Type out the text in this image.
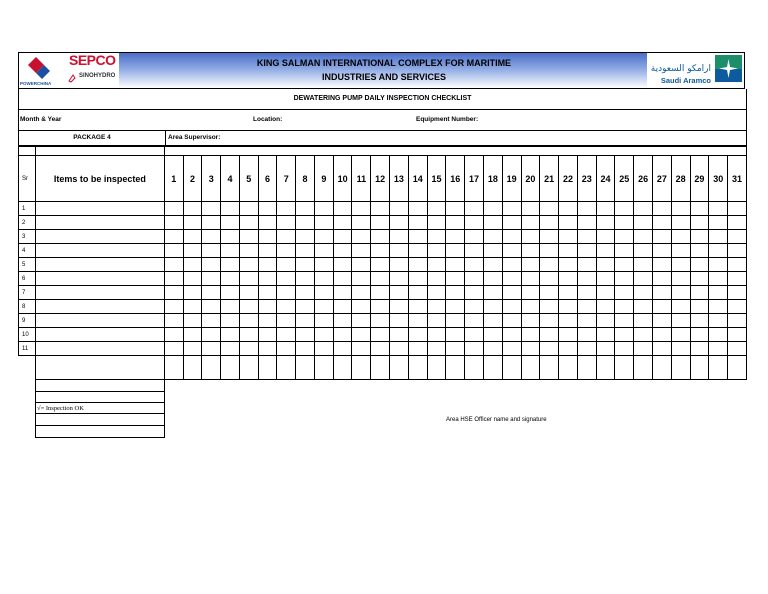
KING SALMAN INTERNATIONAL COMPLEX FOR MARITIME
INDUSTRIES AND SERVICES
POWERCHINA
SEPCO
SINOHYDRO
ارامكو السعودية
Saudi Aramco
DEWATERING PUMP DAILY INSPECTION CHECKLIST
Month & Year	Location:	Equipment Number:
PACKAGE 4	Area Supervisor:

Sr	Items to be inspected	1	2	3	4	5	6	7	8	9	10	11	12	13	14	15	16	17	18	19	20	21	22	23	24	25	26	27	28	29	30	31
1																																
2																																
3																																
4																																
5																																
6																																
7																																
8																																
9																																
10																																
11																																

√= Inspection OK

Area HSE Officer name and signature
